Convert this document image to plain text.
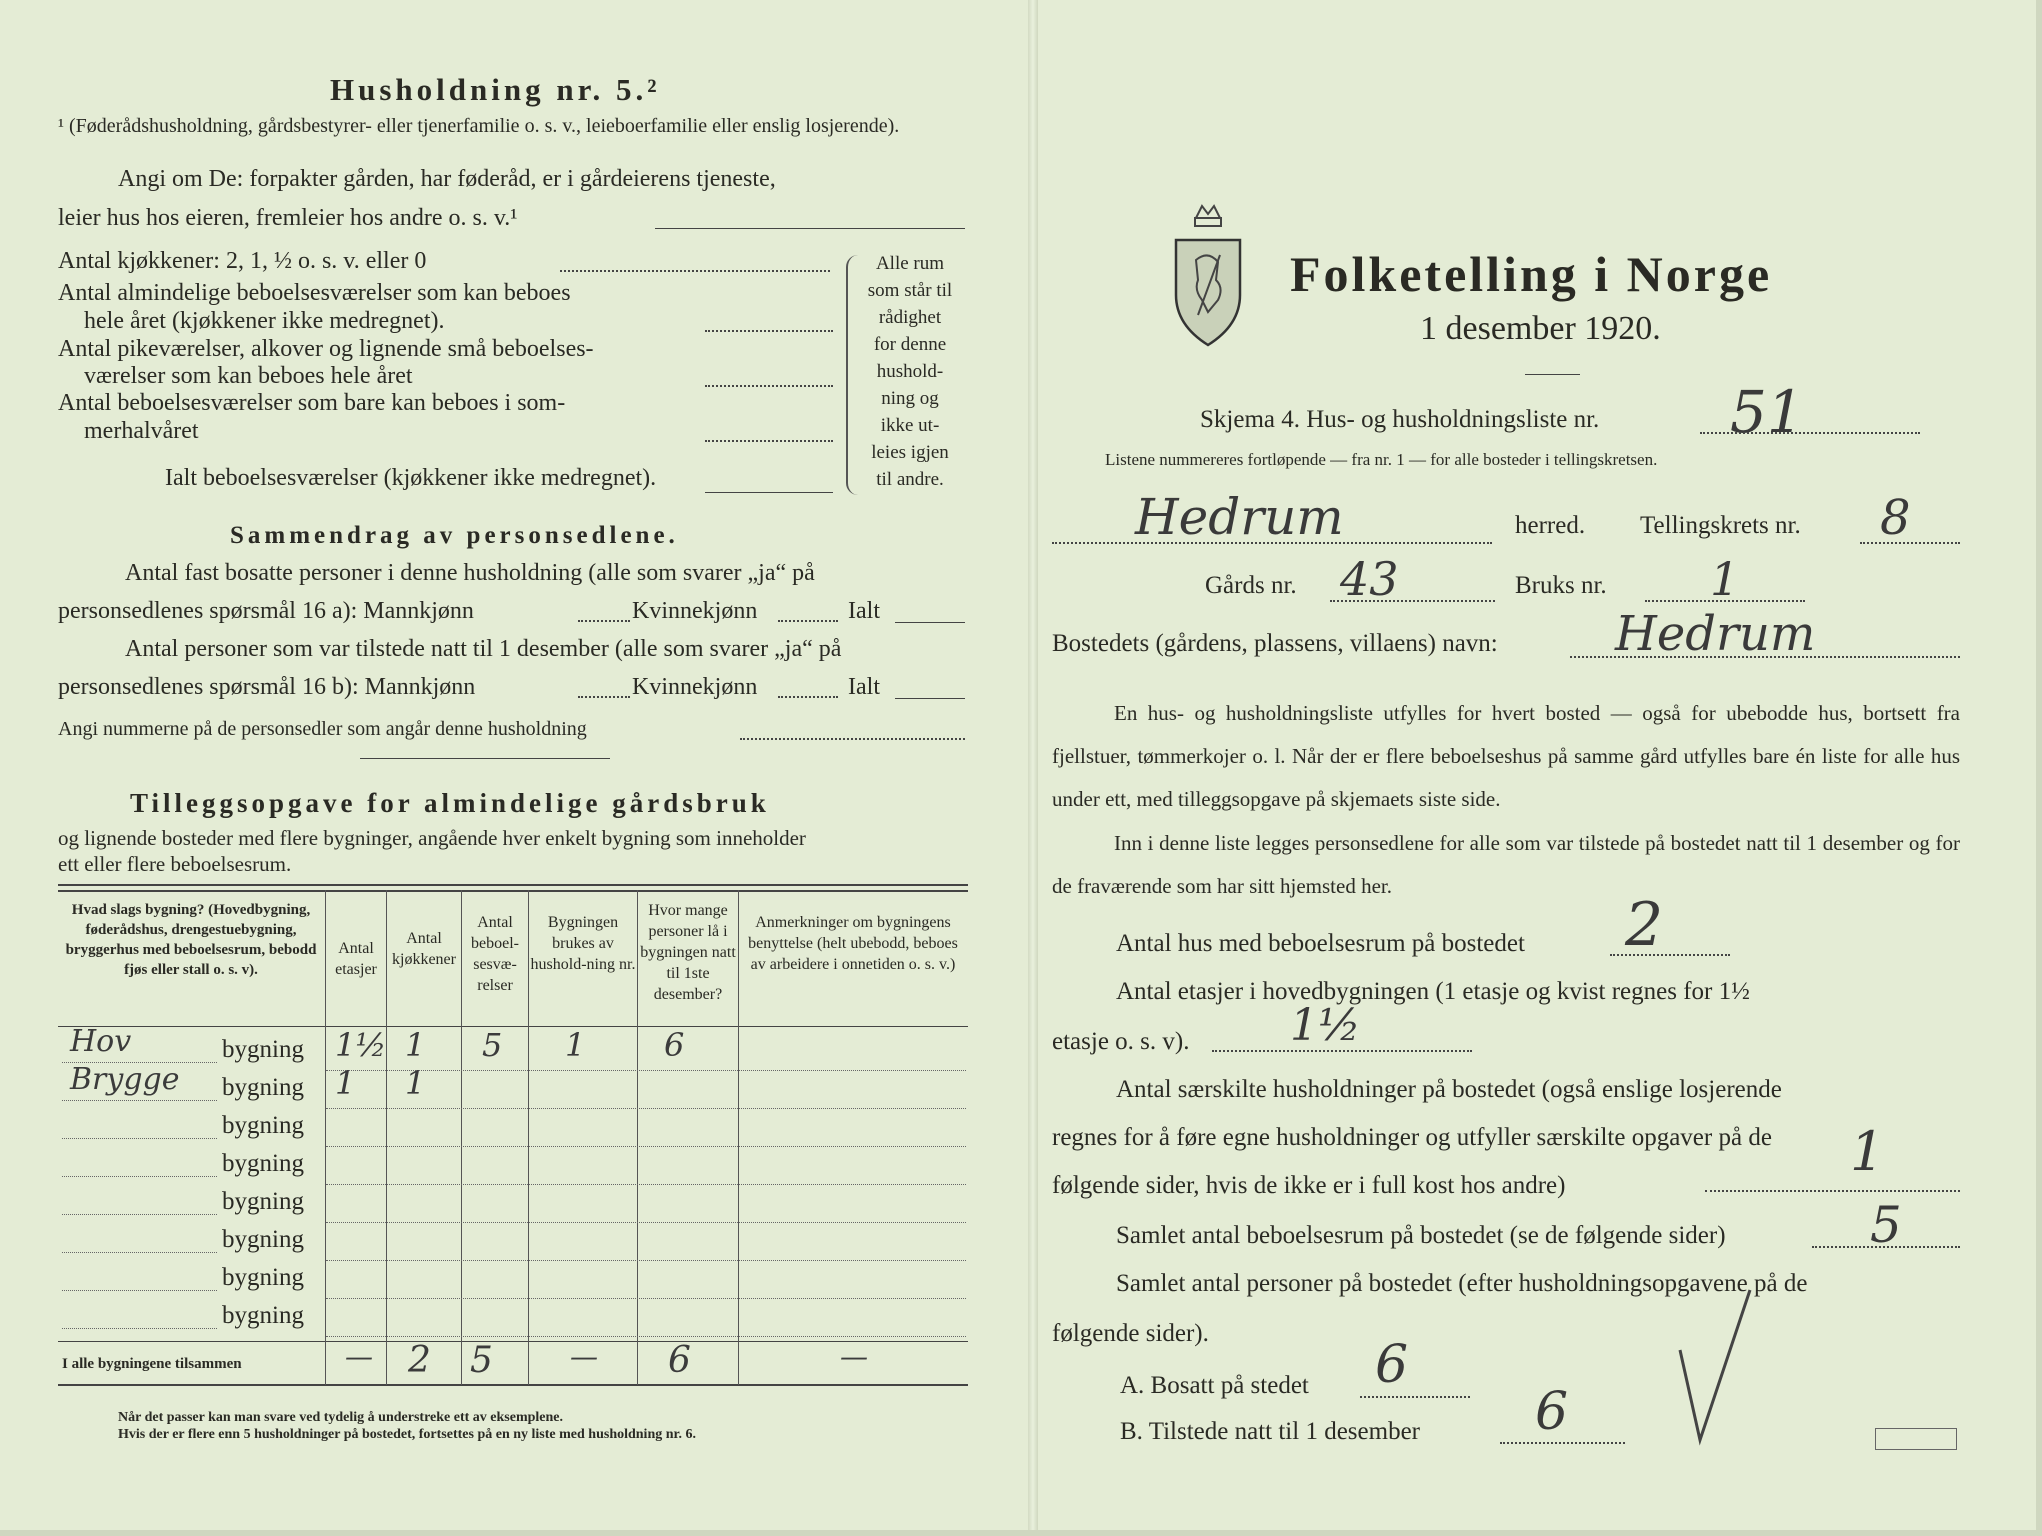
Husholdning nr. 5.²
¹ (Føderådshusholdning, gårdsbestyrer- eller tjenerfamilie o. s. v., leieboerfamilie eller enslig losjerende).
Angi om De: forpakter gården, har føderåd, er i gårdeierens tjeneste,
leier hus hos eieren, fremleier hos andre o. s. v.¹
Antal kjøkkener: 2, 1, ½ o. s. v. eller 0
Antal almindelige beboelsesværelser som kan beboes
hele året (kjøkkener ikke medregnet).
Antal pikeværelser, alkover og lignende små beboelses-
værelser som kan beboes hele året
Antal beboelsesværelser som bare kan beboes i som-
merhalvåret
Ialt beboelsesværelser (kjøkkener ikke medregnet).
Alle rum
som står til
rådighet
for denne
hushold-
ning og
ikke ut-
leies igjen
til andre.
Sammendrag av personsedlene.
Antal fast bosatte personer i denne husholdning (alle som svarer „ja“ på
personsedlenes spørsmål 16 a): Mannkjønn	Kvinnekjønn	Ialt
Antal personer som var tilstede natt til 1 desember (alle som svarer „ja“ på
personsedlenes spørsmål 16 b): Mannkjønn	Kvinnekjønn	Ialt
Angi nummerne på de personsedler som angår denne husholdning
Tilleggsopgave for almindelige gårdsbruk
og lignende bosteder med flere bygninger, angående hver enkelt bygning som inneholder
ett eller flere beboelsesrum.
Hvad slags bygning? (Hovedbygning, føderådshus, drengestuebygning, bryggerhus med beboelsesrum, bebodd fjøs eller stall o. s. v).
Antal etasjer
Antal kjøkkener
Antal beboel-sesvæ-relser
Bygningen brukes av hushold-ning nr.
Hvor mange personer lå i bygningen natt til 1ste desember?
Anmerkninger om bygningens benyttelse (helt ubebodd, beboes av arbeidere i onnetiden o. s. v.)
Hov	bygning 1½ 1 5 1 6
Brygge bygning 1 1
bygning
bygning
bygning
bygning
bygning
bygning
I alle bygningene tilsammen	— 2 5	— 6	—
Når det passer kan man svare ved tydelig å understreke ett av eksemplene.
Hvis der er flere enn 5 husholdninger på bostedet, fortsettes på en ny liste med husholdning nr. 6.
Folketelling i Norge
1 desember 1920.
Skjema 4. Hus- og husholdningsliste nr. 51
Listene nummereres fortløpende — fra nr. 1 — for alle bosteder i tellingskretsen.
Hedrum	herred. Tellingskrets nr. 8
Gårds nr. 43	Bruks nr. 1
Bostedets (gårdens, plassens, villaens) navn: Hedrum
En hus- og husholdningsliste utfylles for hvert bosted — også for ubebodde hus, bortsett fra fjellstuer, tømmerkojer o. l. Når der er flere beboelseshus på samme gård utfylles bare én liste for alle hus under ett, med tilleggsopgave på skjemaets siste side.
Inn i denne liste legges personsedlene for alle som var tilstede på bostedet natt til 1 desember og for de fraværende som har sitt hjemsted her.
Antal hus med beboelsesrum på bostedet 2
Antal etasjer i hovedbygningen (1 etasje og kvist regnes for 1½
etasje o. s. v). 1½
Antal særskilte husholdninger på bostedet (også enslige losjerende
regnes for å føre egne husholdninger og utfyller særskilte opgaver på de
følgende sider, hvis de ikke er i full kost hos andre)
1
Samlet antal beboelsesrum på bostedet (se de følgende sider)	5
Samlet antal personer på bostedet (efter husholdningsopgavene på de
følgende sider).
A. Bosatt på stedet 6
B. Tilstede natt til 1 desember 6
